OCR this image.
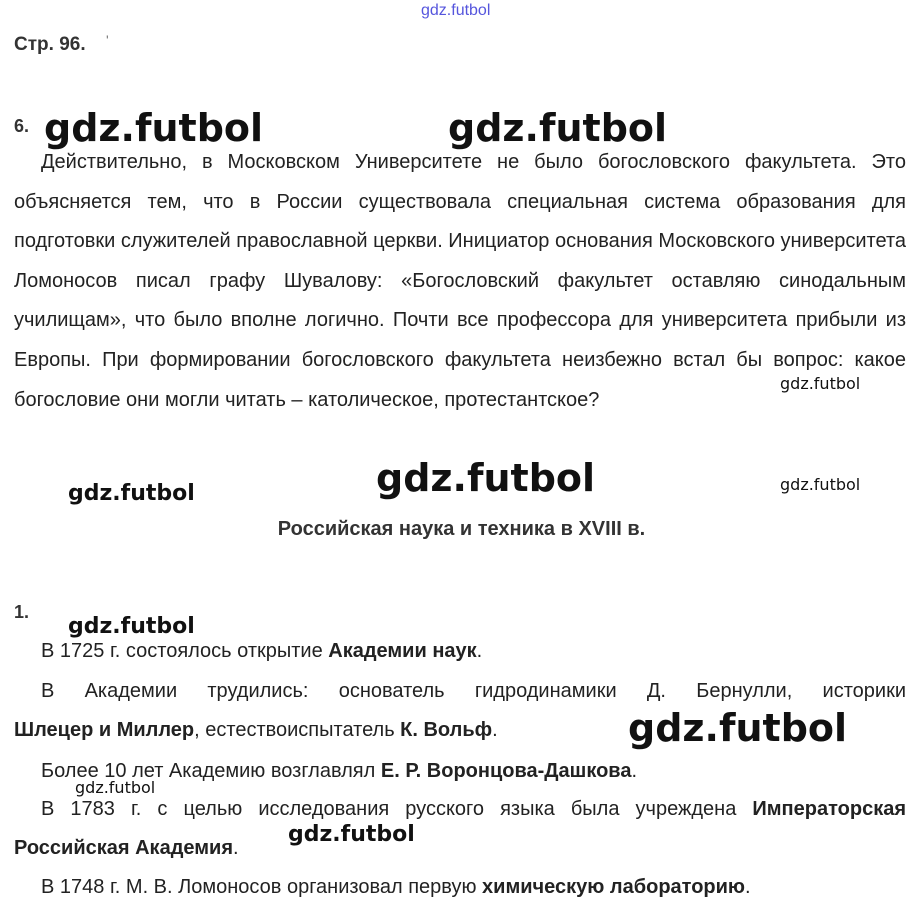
gdz.futbol
Стр. 96. '
6. gdz.futbol	gdz.futbol

Действительно, в Московском Университете не было богословского факультета. Это объясняется тем, что в России существовала специальная система образования для подготовки служителей православной церкви. Инициатор основания Московского университета Ломоносов писал графу Шувалову: «Богословский факультет оставляю синодальным училищам», что было вполне логично. Почти все профессора для университета прибыли из Европы. При формировании богословского факультета неизбежно встал бы вопрос: какое богословие они могли читать – католическое, протестантское?

gdz.futbol
gdz.futbol	gdz.futbol	gdz.futbol
Российская наука и техника в XVIII в.
1.
gdz.futbol
В 1725 г. состоялось открытие Академии наук.
В Академии трудились: основатель гидродинамики Д. Бернулли, историки
Шлецер и Миллер, естествоиспытатель К. Вольф.	gdz.futbol
Более 10 лет Академию возглавлял Е. Р. Воронцова-Дашкова.
gdz.futbol
В 1783 г. с целью исследования русского языка была учреждена Императорская
Российская Академия.
gdz.futbol
В 1748 г. М. В. Ломоносов организовал первую химическую лабораторию.
